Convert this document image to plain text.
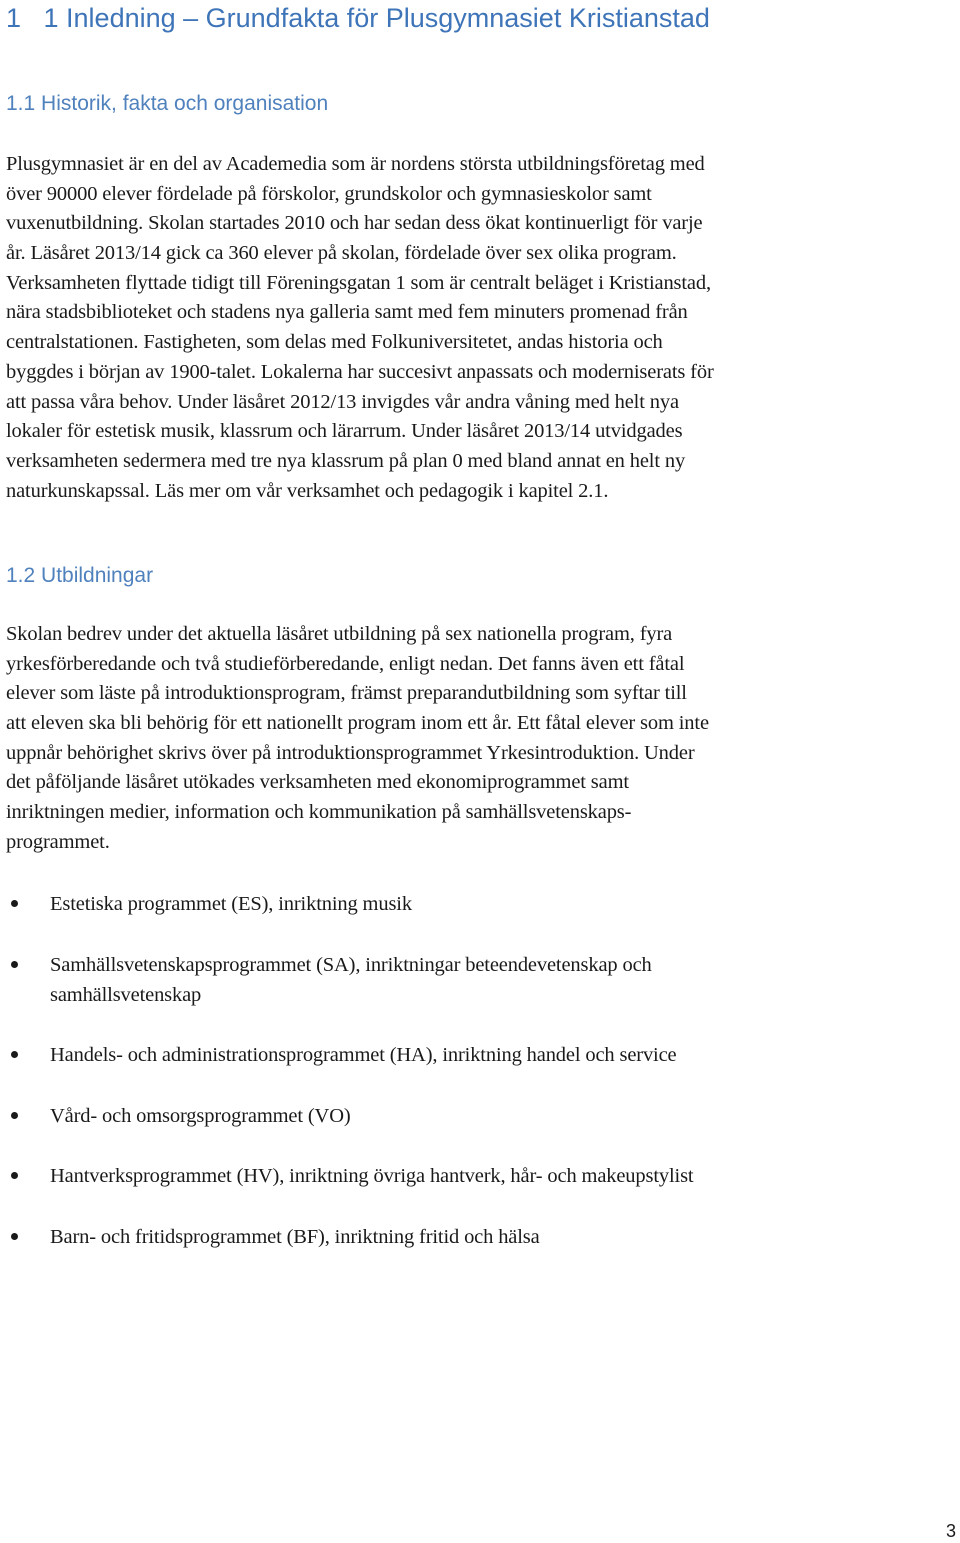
1   1 Inledning – Grundfakta för Plusgymnasiet Kristianstad
1.1 Historik, fakta och organisation
Plusgymnasiet är en del av Academedia som är nordens största utbildningsföretag med
över 90000 elever fördelade på förskolor, grundskolor och gymnasieskolor samt
vuxenutbildning. Skolan startades 2010 och har sedan dess ökat kontinuerligt för varje
år. Läsåret 2013/14 gick ca 360 elever på skolan, fördelade över sex olika program.
Verksamheten flyttade tidigt till Föreningsgatan 1 som är centralt beläget i Kristianstad,
nära stadsbiblioteket och stadens nya galleria samt med fem minuters promenad från
centralstationen. Fastigheten, som delas med Folkuniversitetet, andas historia och
byggdes i början av 1900-talet. Lokalerna har succesivt anpassats och moderniserats för
att passa våra behov. Under läsåret 2012/13 invigdes vår andra våning med helt nya
lokaler för estetisk musik, klassrum och lärarrum. Under läsåret 2013/14 utvidgades
verksamheten sedermera med tre nya klassrum på plan 0 med bland annat en helt ny
naturkunskapssal. Läs mer om vår verksamhet och pedagogik i kapitel 2.1.
1.2 Utbildningar
Skolan bedrev under det aktuella läsåret utbildning på sex nationella program, fyra
yrkesförberedande och två studieförberedande, enligt nedan. Det fanns även ett fåtal
elever som läste på introduktionsprogram, främst preparandutbildning som syftar till
att eleven ska bli behörig för ett nationellt program inom ett år. Ett fåtal elever som inte
uppnår behörighet skrivs över på introduktionsprogrammet Yrkesintroduktion. Under
det påföljande läsåret utökades verksamheten med ekonomiprogrammet samt
inriktningen medier, information och kommunikation på samhällsvetenskaps-
programmet.
Estetiska programmet (ES), inriktning musik
Samhällsvetenskapsprogrammet (SA), inriktningar beteendevetenskap och
samhällsvetenskap
Handels- och administrationsprogrammet (HA), inriktning handel och service
Vård- och omsorgsprogrammet (VO)
Hantverksprogrammet (HV), inriktning övriga hantverk, hår- och makeupstylist
Barn- och fritidsprogrammet (BF), inriktning fritid och hälsa
3
